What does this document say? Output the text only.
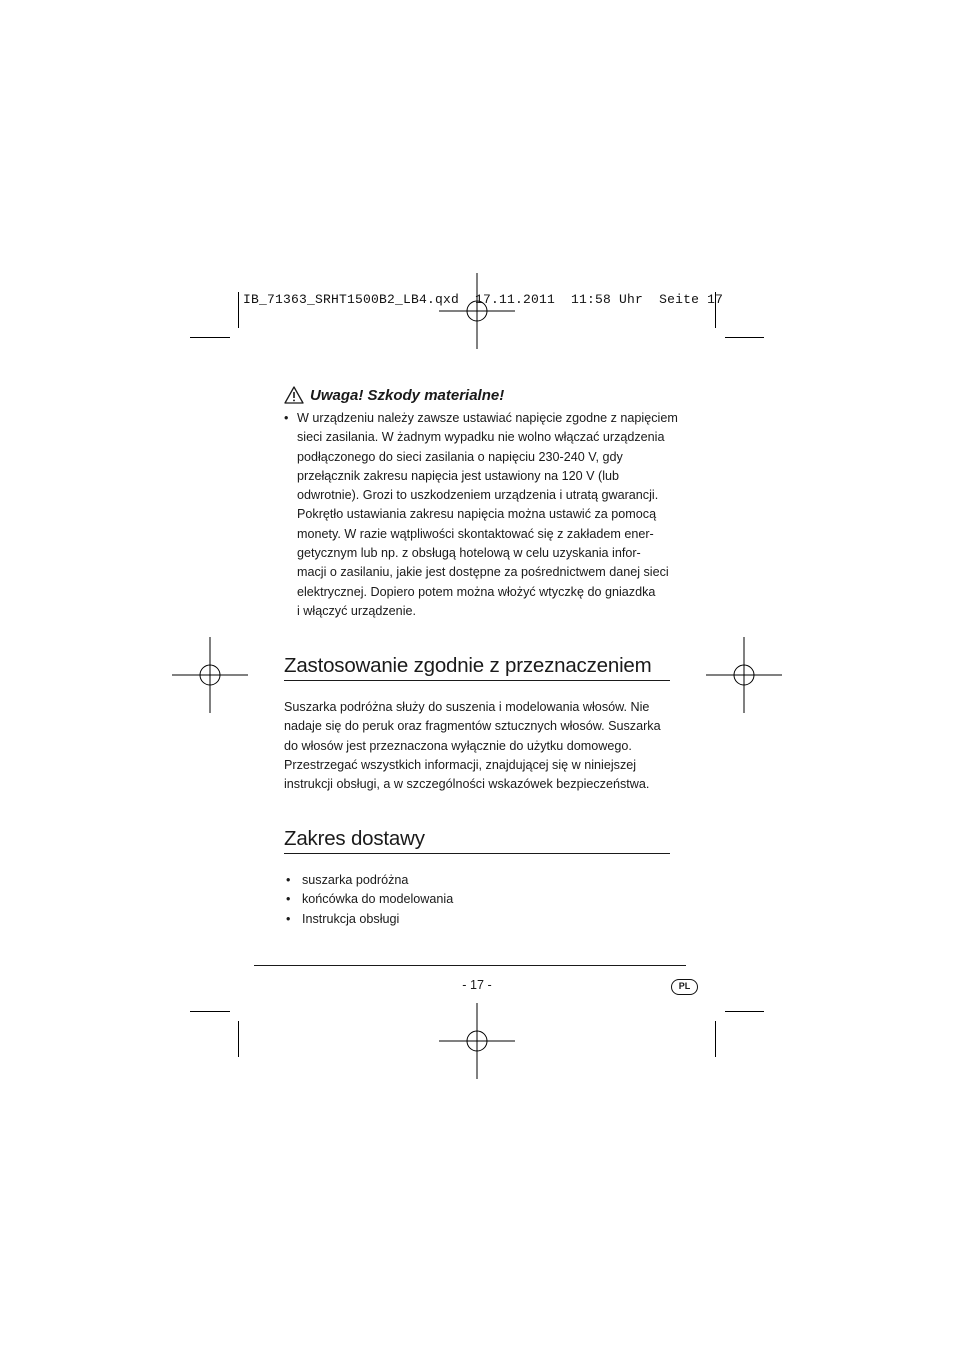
IB_71363_SRHT1500B2_LB4.qxd  17.11.2011  11:58 Uhr  Seite 17
Uwaga! Szkody materialne!
• W urządzeniu należy zawsze ustawiać napięcie zgodne z napięciem
sieci zasilania. W żadnym wypadku nie wolno włączać urządzenia
podłączonego do sieci zasilania o napięciu 230-240 V, gdy
przełącznik zakresu napięcia jest ustawiony na 120 V (lub
odwrotnie). Grozi to uszkodzeniem urządzenia i utratą gwarancji.
Pokrętło ustawiania zakresu napięcia można ustawić za pomocą
monety. W razie wątpliwości skontaktować się z zakładem ener-
getycznym lub np. z obsługą hotelową w celu uzyskania infor-
macji o zasilaniu, jakie jest dostępne za pośrednictwem danej sieci
elektrycznej. Dopiero potem można włożyć wtyczkę do gniazdka
i włączyć urządzenie.
Zastosowanie zgodnie z przeznaczeniem
Suszarka podróżna służy do suszenia i modelowania włosów. Nie
nadaje się do peruk oraz fragmentów sztucznych włosów. Suszarka
do włosów jest przeznaczona wyłącznie do użytku domowego.
Przestrzegać wszystkich informacji, znajdującej się w niniejszej
instrukcji obsługi, a w szczególności wskazówek bezpieczeństwa.
Zakres dostawy
• suszarka podróżna
• końcówka do modelowania
• Instrukcja obsługi
- 17 -	PL
